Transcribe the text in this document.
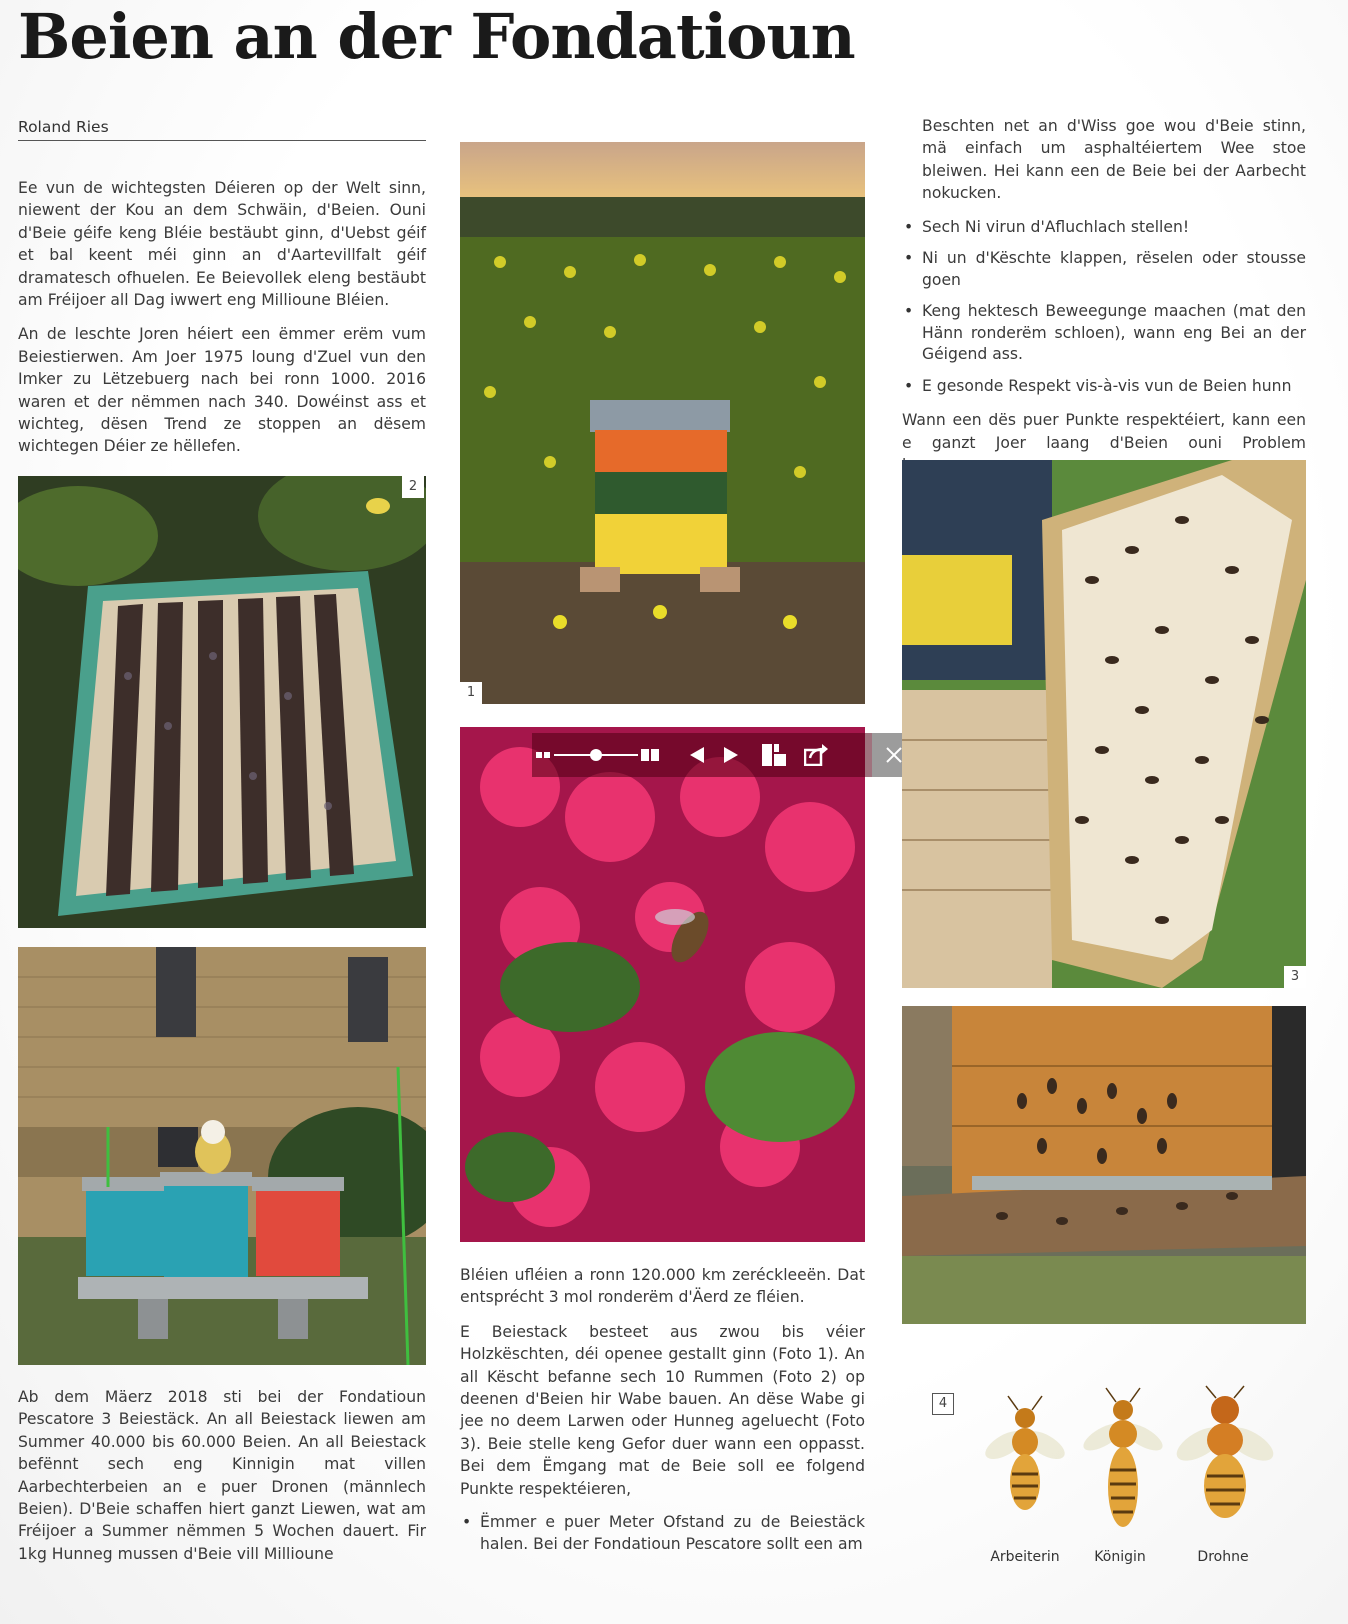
Beien an der Fondatioun
Roland Ries

Ee vun de wichtegsten Déieren op der Welt sinn, niewent der Kou an dem Schwäin, d'Beien. Ouni d'Beie géife keng Bléie bestäubt ginn, d'Uebst géif et bal keent méi ginn an d'Aartevillfalt géif dramatesch ofhuelen. Ee Beievollek eleng bestäubt am Fréijoer all Dag iwwert eng Millioune Bléien.

An de leschte Joren héiert een ëmmer erëm vum Beiestierwen. Am Joer 1975 loung d'Zuel vun den Imker zu Lëtzebuerg nach bei ronn 1000. 2016 waren et der nëmmen nach 340. Dowéinst ass et wichteg, dësen Trend ze stoppen an dësem wichtegen Déier ze hëllefen.

2

Ab dem Mäerz 2018 sti bei der Fondatioun Pescatore 3 Beiestäck. An all Beiestack liewen am Summer 40.000 bis 60.000 Beien. An all Beiestack befënnt sech eng Kinnigin mat villen Aarbechterbeien an e puer Dronen (männlech Beien). D'Beie schaffen hiert ganzt Liewen, wat am Fréijoer a Summer nëmmen 5 Wochen dauert. Fir 1kg Hunneg mussen d'Beie vill Millioune

1

Bléien ufléien a ronn 120.000 km zeréckleeën. Dat entsprécht 3 mol ronderëm d'Äerd ze fléien.

E Beiestack besteet aus zwou bis véier Holzkëschten, déi openee gestallt ginn (Foto 1). An all Këscht befanne sech 10 Rummen (Foto 2) op deenen d'Beien hir Wabe bauen. An dëse Wabe gi jee no deem Larwen oder Hunneg ageluecht (Foto 3). Beie stelle keng Gefor duer wann een oppasst. Bei dem Ëmgang mat de Beie soll ee folgend Punkte respektéieren,

• Ëmmer e puer Meter Ofstand zu de Beiestäck halen. Bei der Fondatioun Pescatore sollt een am

Beschten net an d'Wiss goe wou d'Beie stinn, mä einfach um asphaltéiertem Wee stoe bleiwen. Hei kann een de Beie bei der Aarbecht nokucken.

• Sech Ni virun d'Afluchlach stellen!
• Ni un d'Këschte klappen, rëselen oder stousse goen
• Keng hektesch Beweegunge maachen (mat den Hänn ronderëm schloen), wann eng Bei an der Géigend ass.
• E gesonde Respekt vis-à-vis vun de Beien hunn

Wann een dës puer Punkte respektéiert, kann een e ganzt Joer laang d'Beien ouni Problem

3
4
Arbeiterin	Königin	Drohne
